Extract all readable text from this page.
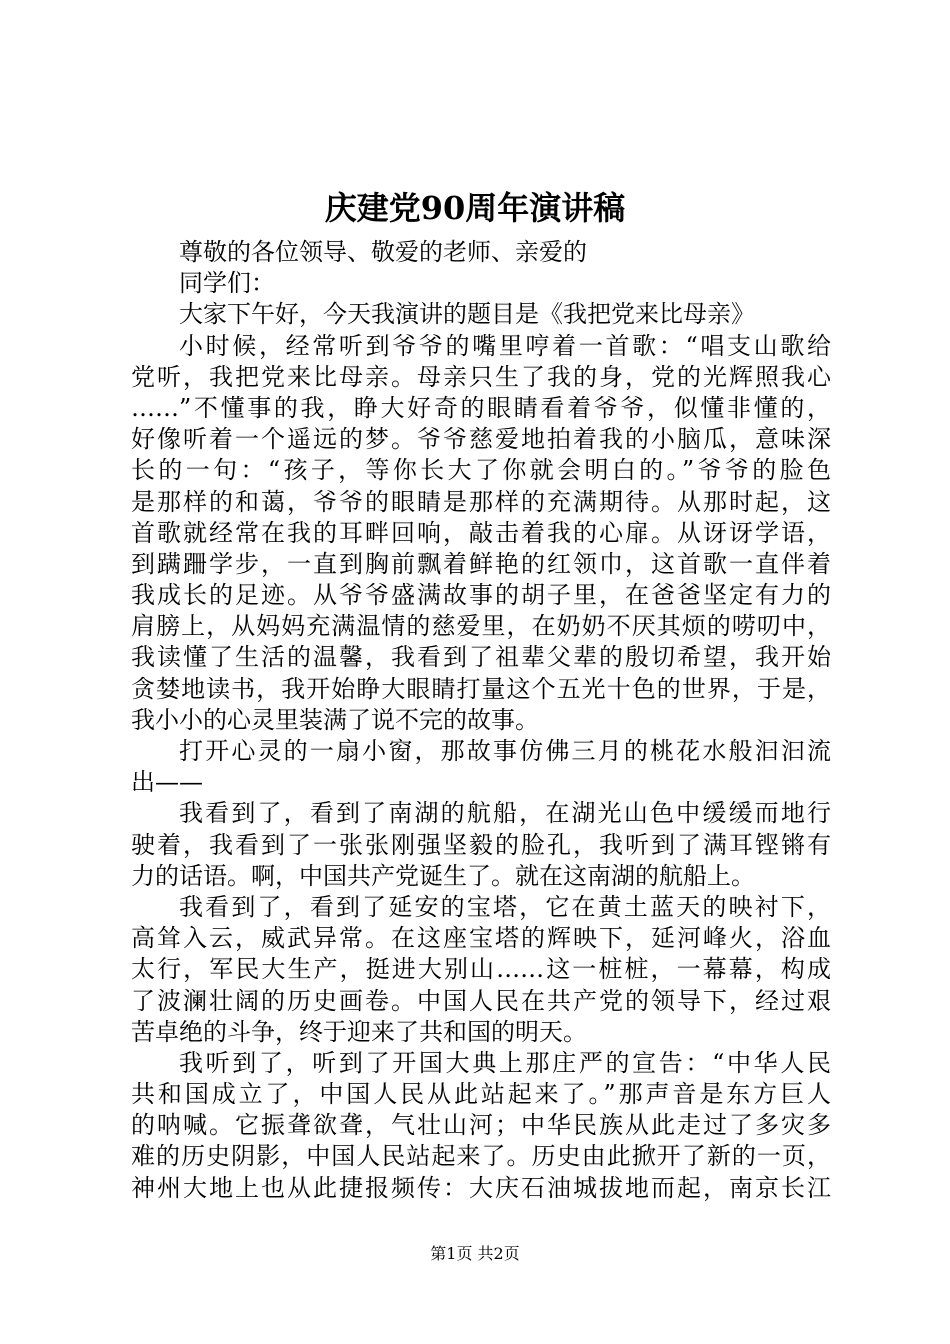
庆建党90周年演讲稿
尊敬的各位领导、敬爱的老师、亲爱的
同学们：
大家下午好，今天我演讲的题目是《我把党来比母亲》
小时候，经常听到爷爷的嘴里哼着一首歌：“唱支山歌给
党听，我把党来比母亲。母亲只生了我的身，党的光辉照我心
……”不懂事的我，睁大好奇的眼睛看着爷爷，似懂非懂的，
好像听着一个遥远的梦。爷爷慈爱地拍着我的小脑瓜，意味深
长的一句：“孩子，等你长大了你就会明白的。”爷爷的脸色
是那样的和蔼，爷爷的眼睛是那样的充满期待。从那时起，这
首歌就经常在我的耳畔回响，敲击着我的心扉。从讶讶学语，
到蹒跚学步，一直到胸前飘着鲜艳的红领巾，这首歌一直伴着
我成长的足迹。从爷爷盛满故事的胡子里，在爸爸坚定有力的
肩膀上，从妈妈充满温情的慈爱里，在奶奶不厌其烦的唠叨中，
我读懂了生活的温馨，我看到了祖辈父辈的殷切希望，我开始
贪婪地读书，我开始睁大眼睛打量这个五光十色的世界，于是，
我小小的心灵里装满了说不完的故事。
打开心灵的一扇小窗，那故事仿佛三月的桃花水般汩汩流
出——
我看到了，看到了南湖的航船，在湖光山色中缓缓而地行
驶着，我看到了一张张刚强坚毅的脸孔，我听到了满耳铿锵有
力的话语。啊，中国共产党诞生了。就在这南湖的航船上。
我看到了，看到了延安的宝塔，它在黄土蓝天的映衬下，
高耸入云，威武异常。在这座宝塔的辉映下，延河峰火，浴血
太行，军民大生产，挺进大别山……这一桩桩，一幕幕，构成
了波澜壮阔的历史画卷。中国人民在共产党的领导下，经过艰
苦卓绝的斗争，终于迎来了共和国的明天。
我听到了，听到了开国大典上那庄严的宣告：“中华人民
共和国成立了，中国人民从此站起来了。”那声音是东方巨人
的呐喊。它振聋欲聋，气壮山河；中华民族从此走过了多灾多
难的历史阴影，中国人民站起来了。历史由此掀开了新的一页，
神州大地上也从此捷报频传：大庆石油城拔地而起，南京长江
第1页 共2页
